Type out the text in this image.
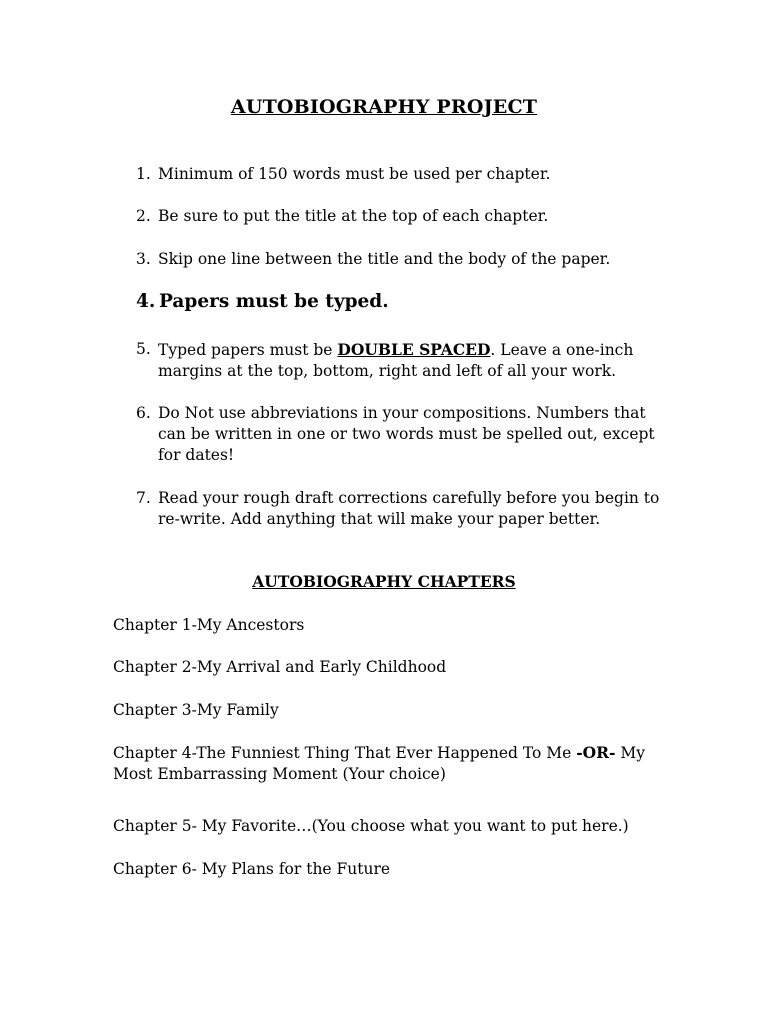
AUTOBIOGRAPHY PROJECT
1. Minimum of 150 words must be used per chapter.
2. Be sure to put the title at the top of each chapter.
3. Skip one line between the title and the body of the paper.
4. Papers must be typed.
5. Typed papers must be DOUBLE SPACED. Leave a one-inch margins at the top, bottom, right and left of all your work.
6. Do Not use abbreviations in your compositions. Numbers that can be written in one or two words must be spelled out, except for dates!
7. Read your rough draft corrections carefully before you begin to re-write. Add anything that will make your paper better.
AUTOBIOGRAPHY CHAPTERS
Chapter 1-My Ancestors
Chapter 2-My Arrival and Early Childhood
Chapter 3-My Family
Chapter 4-The Funniest Thing That Ever Happened To Me -OR- My Most Embarrassing Moment (Your choice)
Chapter 5- My Favorite…(You choose what you want to put here.)
Chapter 6- My Plans for the Future
